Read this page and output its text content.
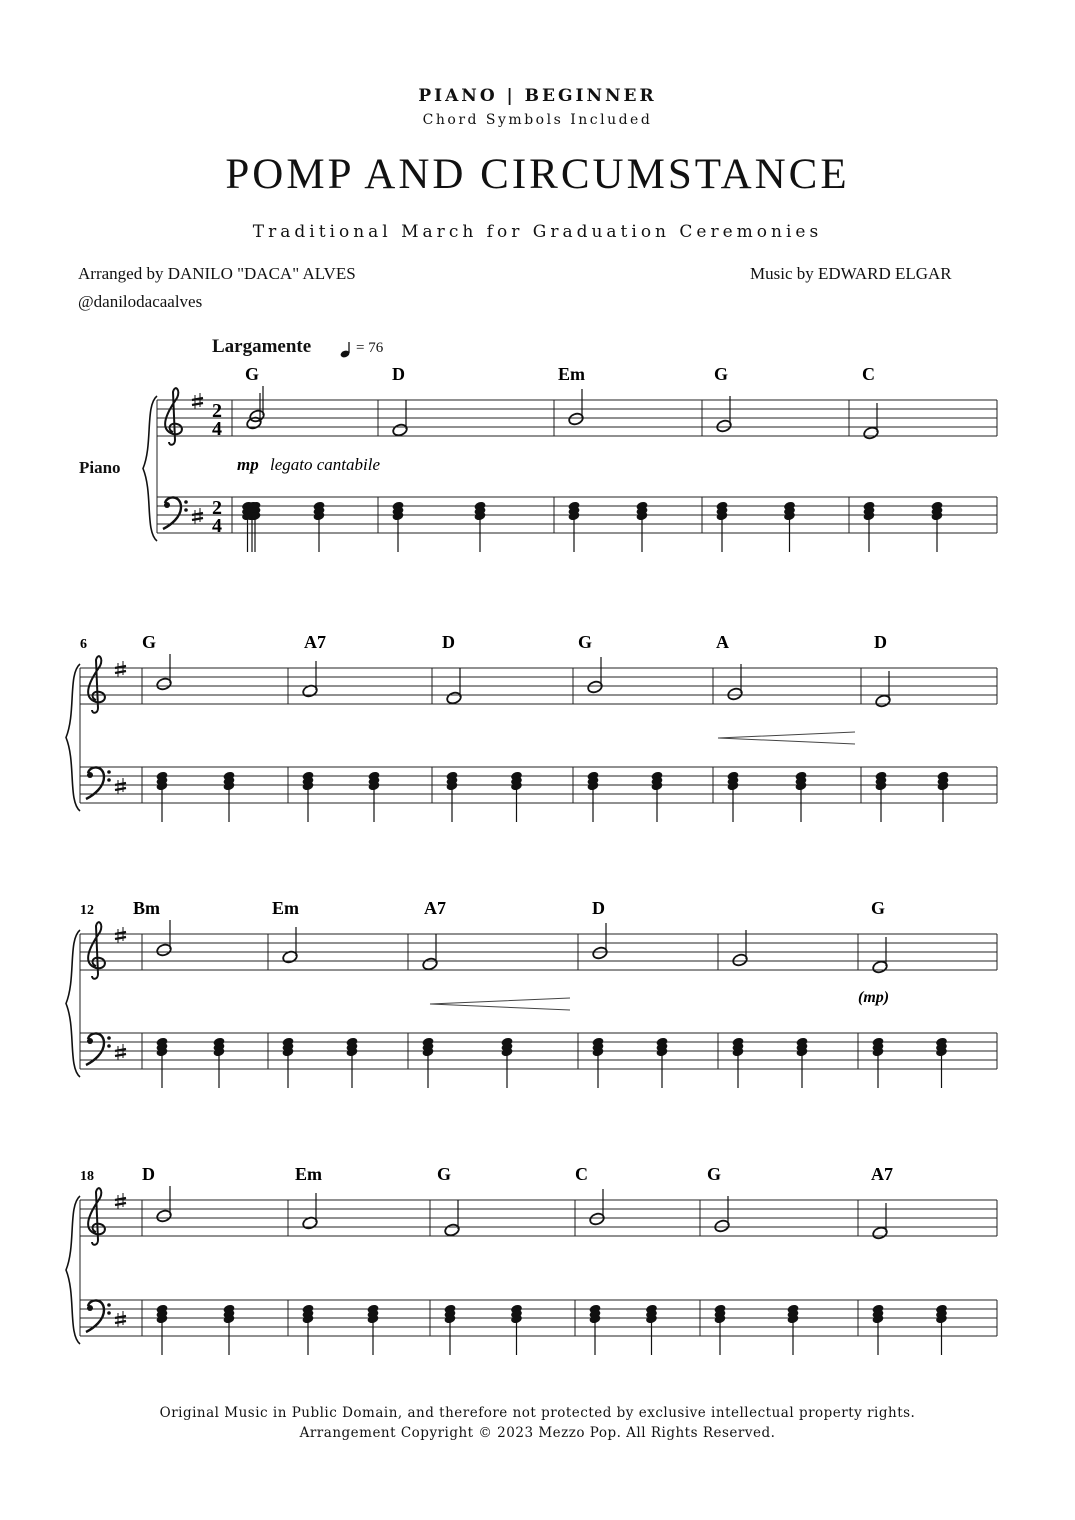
PIANO | BEGINNER
Chord Symbols Included
POMP AND CIRCUMSTANCE
Traditional March for Graduation Ceremonies
Arranged by DANILO "DACA" ALVES
@danilodacaalves
Music by EDWARD ELGAR
Largamente	= 76
Piano
2
4
2
4
G	D	Em	G	C
6	G	A7	D	G	A	D
12 Bm	Em	A7	D	G
18	D	Em	G	C	G	A7
mp legato cantabile
(mp)
Original Music in Public Domain, and therefore not protected by exclusive intellectual property rights.
Arrangement Copyright © 2023 Mezzo Pop. All Rights Reserved.
